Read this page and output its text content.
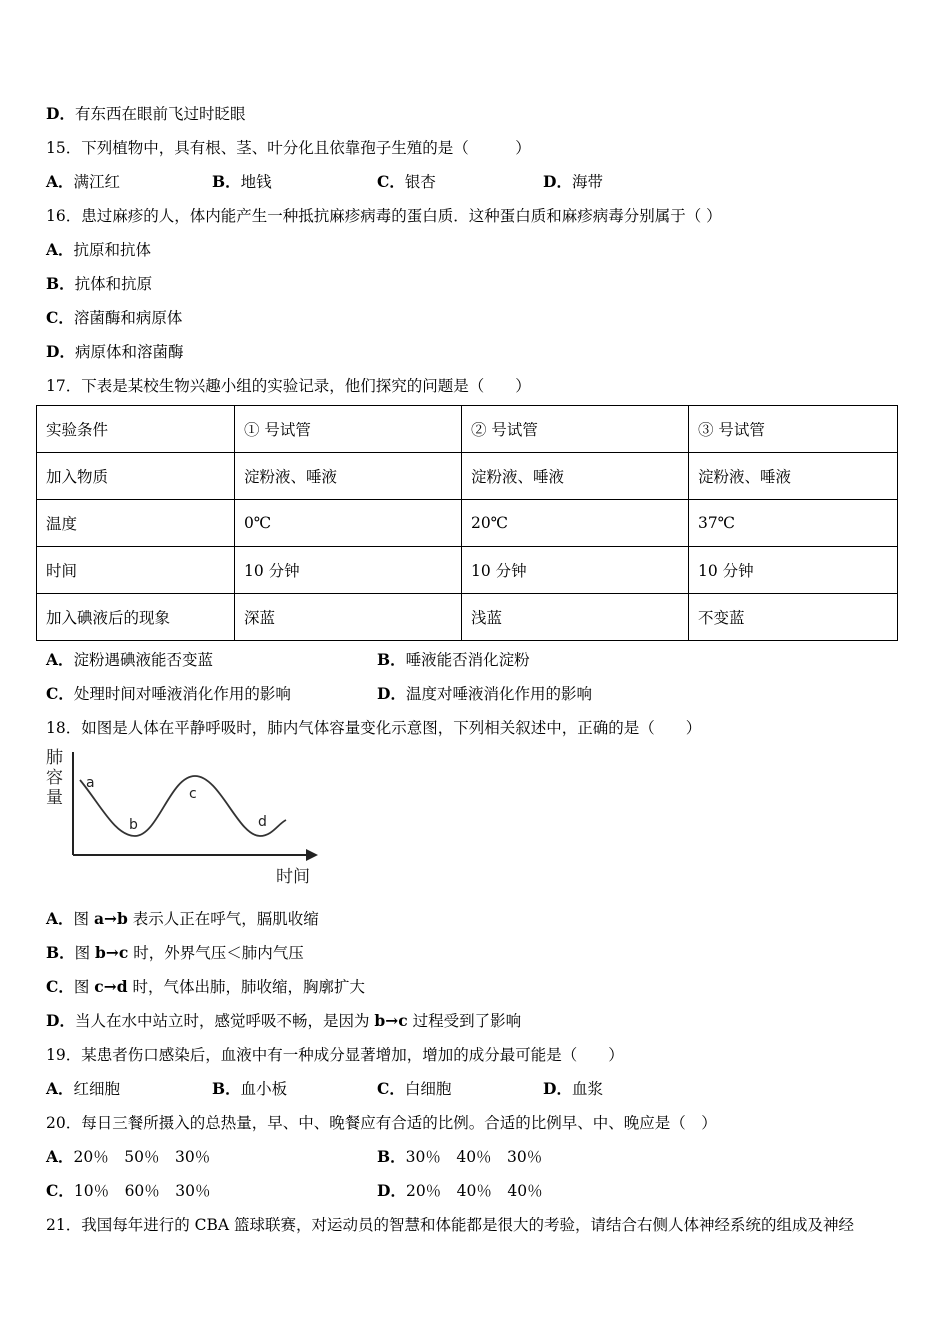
D．有东西在眼前飞过时眨眼
15．下列植物中，具有根、茎、叶分化且依靠孢子生殖的是（　　　）
A．满江红	B．地钱	C．银杏	D．海带
16．患过麻疹的人，体内能产生一种抵抗麻疹病毒的蛋白质．这种蛋白质和麻疹病毒分别属于（ ）
A．抗原和抗体
B．抗体和抗原
C．溶菌酶和病原体
D．病原体和溶菌酶
17．下表是某校生物兴趣小组的实验记录，他们探究的问题是（　　）
实验条件	① 号试管	② 号试管	③ 号试管
加入物质	淀粉液、唾液	淀粉液、唾液	淀粉液、唾液
温度	0℃	20℃	37℃
时间	10 分钟	10 分钟	10 分钟
加入碘液后的现象	深蓝	浅蓝	不变蓝
A．淀粉遇碘液能否变蓝	B．唾液能否消化淀粉
C．处理时间对唾液消化作用的影响	D．温度对唾液消化作用的影响
18．如图是人体在平静呼吸时，肺内气体容量变化示意图，下列相关叙述中，正确的是（　　）
肺
容
量
a
b
c
d
时间
A．图 a→b 表示人正在呼气，膈肌收缩
B．图 b→c 时，外界气压＜肺内气压
C．图 c→d 时，气体出肺，肺收缩，胸廓扩大
D．当人在水中站立时，感觉呼吸不畅，是因为 b→c 过程受到了影响
19．某患者伤口感染后，血液中有一种成分显著增加，增加的成分最可能是（　　）
A．红细胞	B．血小板	C．白细胞	D．血浆
20．每日三餐所摄入的总热量，早、中、晚餐应有合适的比例。合适的比例早、中、晚应是（　）
A．20％　50％　30％	B．30％　40％　30％
C．10％　60％　30％	D．20％　40％　40％
21．我国每年进行的 CBA 篮球联赛，对运动员的智慧和体能都是很大的考验，请结合右侧人体神经系统的组成及神经
